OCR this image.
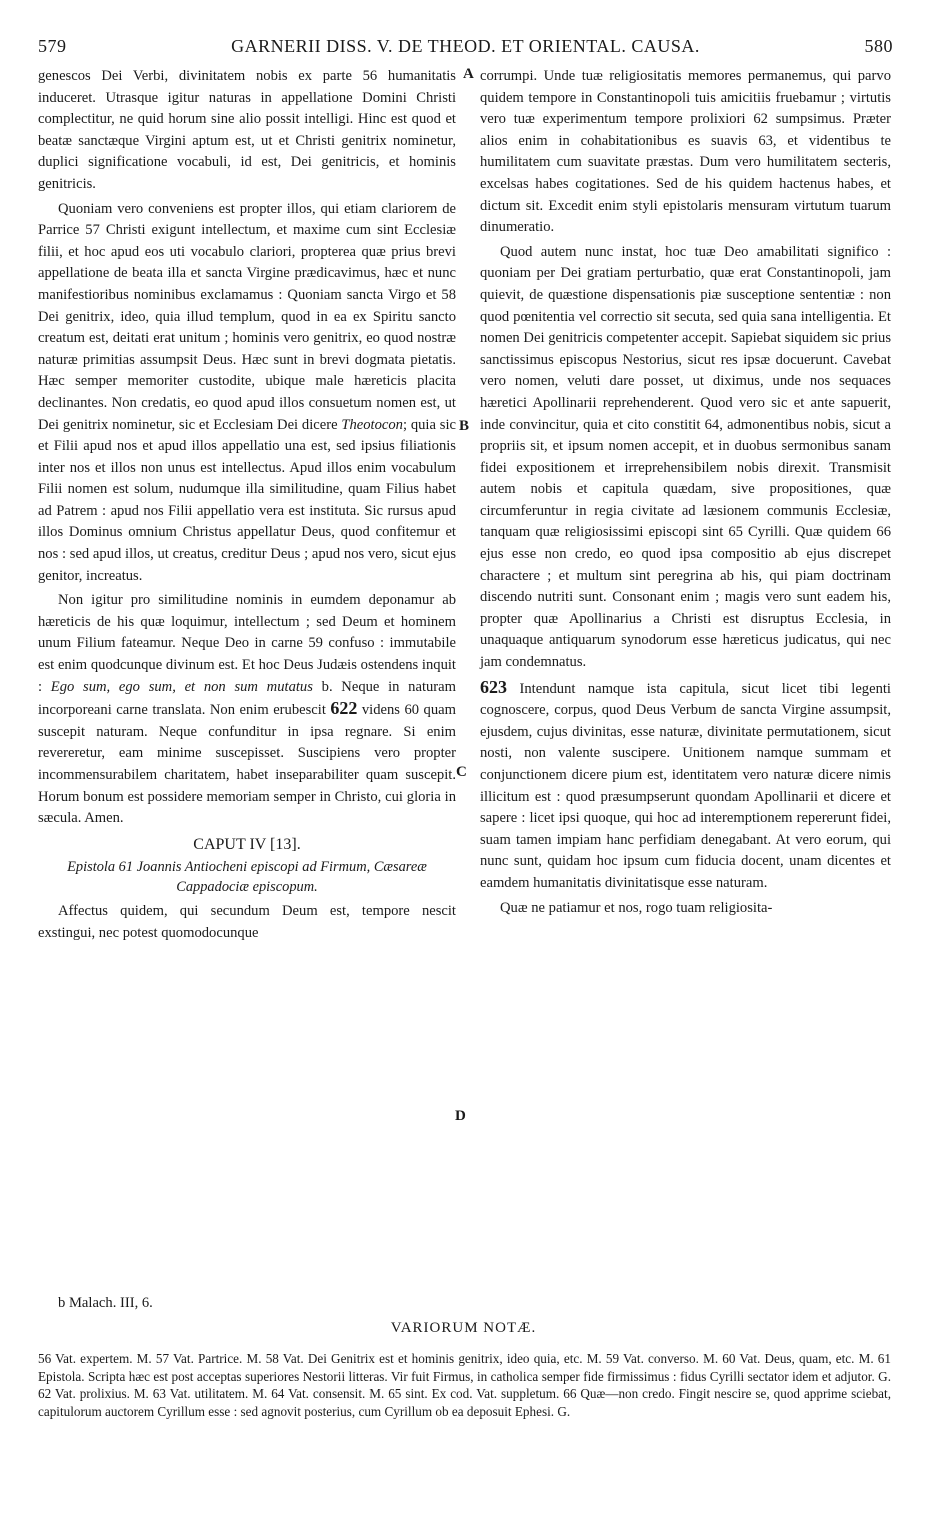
579	GARNERII DISS. V. DE THEOD. ET ORIENTAL. CAUSA.	580
A
B
C
D

genescos Dei Verbi, divinitatem nobis ex parte 56 humanitatis induceret. Utrasque igitur naturas in appellatione Domini Christi complectitur, ne quid horum sine alio possit intelligi. Hinc est quod et beatæ sanctæque Virgini aptum est, ut et Christi genitrix nominetur, duplici significatione vocabuli, id est, Dei genitricis, et hominis genitricis.

Quoniam vero conveniens est propter illos, qui etiam clariorem de Parrice 57 Christi exigunt intellectum, et maxime cum sint Ecclesiæ filii, et hoc apud eos uti vocabulo clariori, propterea quæ prius brevi appellatione de beata illa et sancta Virgine prædicavimus, hæc et nunc manifestioribus nominibus exclamamus : Quoniam sancta Virgo et 58 Dei genitrix, ideo, quia illud templum, quod in ea ex Spiritu sancto creatum est, deitati erat unitum ; hominis vero genitrix, eo quod nostræ naturæ primitias assumpsit Deus. Hæc sunt in brevi dogmata pietatis. Hæc semper memoriter custodite, ubique male hæreticis placita declinantes. Non credatis, eo quod apud illos consuetum nomen est, ut Dei genitrix nominetur, sic et Ecclesiam Dei dicere Theotocon; quia sic et Filii apud nos et apud illos appellatio una est, sed ipsius filiationis inter nos et illos non unus est intellectus. Apud illos enim vocabulum Filii nomen est solum, nudumque illa similitudine, quam Filius habet ad Patrem : apud nos Filii appellatio vera est instituta. Sic rursus apud illos Dominus omnium Christus appellatur Deus, quod confitemur et nos : sed apud illos, ut creatus, creditur Deus ; apud nos vero, sicut ejus genitor, increatus.

Non igitur pro similitudine nominis in eumdem deponamur ab hæreticis de his quæ loquimur, intellectum ; sed Deum et hominem unum Filium fateamur. Neque Deo in carne 59 confuso : immutabile est enim quodcunque divinum est. Et hoc Deus Judæis ostendens inquit : Ego sum, ego sum, et non sum mutatus b. Neque in naturam incorporeani carne translata. Non enim erubescit 622 videns 60 quam suscepit naturam. Neque confunditur in ipsa regnare. Si enim revereretur, eam minime suscepisset. Suscipiens vero propter incommensurabilem charitatem, habet inseparabiliter quam suscepit. Horum bonum est possidere memoriam semper in Christo, cui gloria in sæcula. Amen.

CAPUT IV [13].
Epistola 61 Joannis Antiocheni episcopi ad Firmum, Cæsareæ Cappadociæ episcopum.

Affectus quidem, qui secundum Deum est, tempore nescit exstingui, nec potest quomodocunque

corrumpi. Unde tuæ religiositatis memores permanemus, qui parvo quidem tempore in Constantinopoli tuis amicitiis fruebamur ; virtutis vero tuæ experimentum tempore prolixiori 62 sumpsimus. Præter alios enim in cohabitationibus es suavis 63, et videntibus te humilitatem cum suavitate præstas. Dum vero humilitatem secteris, excelsas habes cogitationes. Sed de his quidem hactenus habes, et dictum sit. Excedit enim styli epistolaris mensuram virtutum tuarum dinumeratio.

Quod autem nunc instat, hoc tuæ Deo amabilitati significo : quoniam per Dei gratiam perturbatio, quæ erat Constantinopoli, jam quievit, de quæstione dispensationis piæ susceptione sententiæ : non quod pœnitentia vel correctio sit secuta, sed quia sana intelligentia. Et nomen Dei genitricis competenter accepit. Sapiebat siquidem sic prius sanctissimus episcopus Nestorius, sicut res ipsæ docuerunt. Cavebat vero nomen, veluti dare posset, ut diximus, unde nos sequaces hæretici Apollinarii reprehenderent. Quod vero sic et ante sapuerit, inde convincitur, quia et cito constitit 64, admonentibus nobis, sicut a propriis sit, et ipsum nomen accepit, et in duobus sermonibus sanam fidei expositionem et irreprehensibilem nobis direxit. Transmisit autem nobis et capitula quædam, sive propositiones, quæ circumferuntur in regia civitate ad læsionem communis Ecclesiæ, tanquam quæ religiosissimi episcopi sint 65 Cyrilli. Quæ quidem 66 ejus esse non credo, eo quod ipsa compositio ab ejus discrepet charactere ; et multum sint peregrina ab his, qui piam doctrinam discendo nutriti sunt. Consonant enim ; magis vero sunt eadem his, propter quæ Apollinarius a Christi est disruptus Ecclesia, in unaquaque antiquarum synodorum esse hæreticus judicatus, qui nec jam condemnatus.

623 Intendunt namque ista capitula, sicut licet tibi legenti cognoscere, corpus, quod Deus Verbum de sancta Virgine assumpsit, ejusdem, cujus divinitas, esse naturæ, divinitate permutationem, sicut nosti, non valente suscipere. Unitionem namque summam et conjunctionem dicere pium est, identitatem vero naturæ dicere nimis illicitum est : quod præsumpserunt quondam Apollinarii et dicere et sapere : licet ipsi quoque, qui hoc ad interemptionem repererunt fidei, suam tamen impiam hanc perfidiam denegabant. At vero eorum, qui nunc sunt, quidam hoc ipsum cum fiducia docent, unam dicentes et eamdem humanitatis divinitatisque esse naturam.

Quæ ne patiamur et nos, rogo tuam religiosita-

b Malach. III, 6.
VARIORUM NOTÆ.
56 Vat. expertem. M. 57 Vat. Partrice. M. 58 Vat. Dei Genitrix est et hominis genitrix, ideo quia, etc. M. 59 Vat. converso. M. 60 Vat. Deus, quam, etc. M. 61 Epistola. Scripta hæc est post acceptas superiores Nestorii litteras. Vir fuit Firmus, in catholica semper fide firmissimus : fidus Cyrilli sectator idem et adjutor. G. 62 Vat. prolixius. M. 63 Vat. utilitatem. M. 64 Vat. consensit. M. 65 sint. Ex cod. Vat. suppletum. 66 Quæ—non credo. Fingit nescire se, quod apprime sciebat, capitulorum auctorem Cyrillum esse : sed agnovit posterius, cum Cyrillum ob ea deposuit Ephesi. G.
